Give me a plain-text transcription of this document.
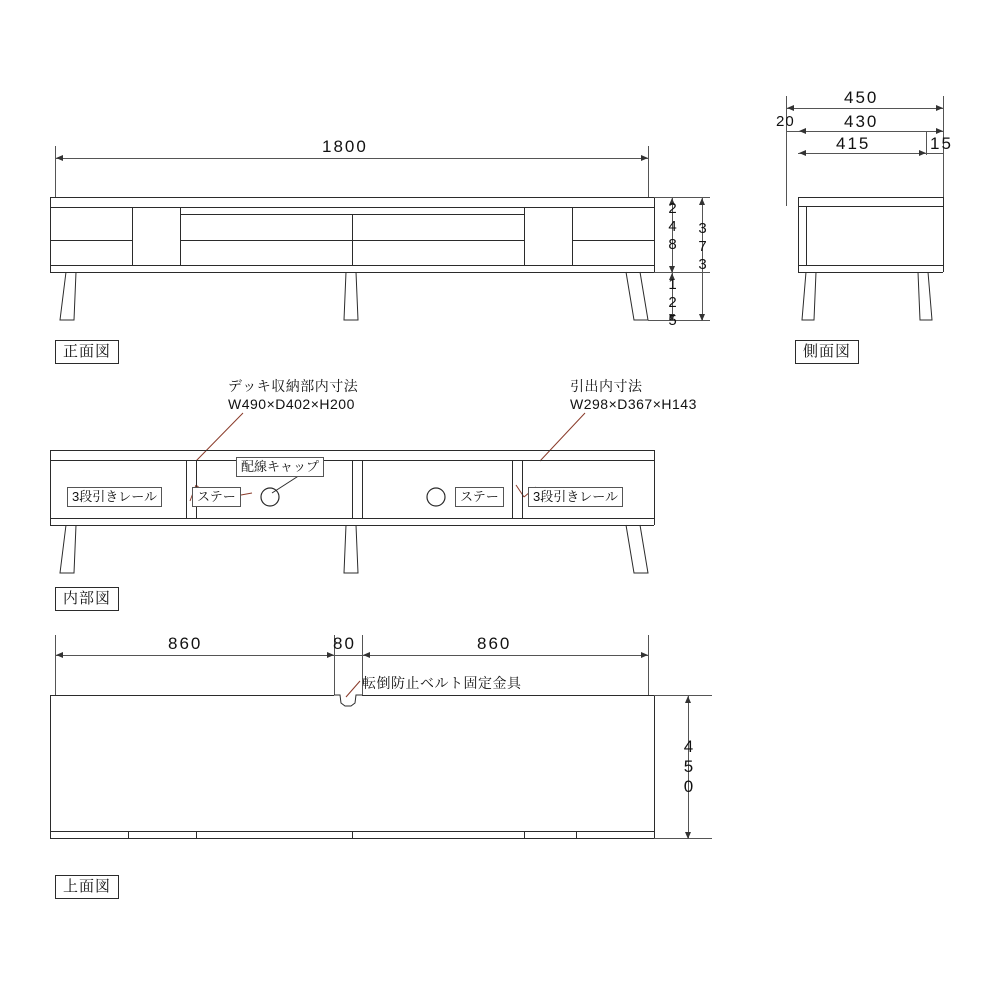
1800
248 373
125
正面図
450
430
20
415	15
側面図
デッキ収納部内寸法
W490×D402×H200
引出内寸法
W298×D367×H143
配線キャップ
3段引きレール	ステー	ステー	3段引きレール
内部図
860	80	860
転倒防止ベルト固定金具
450
上面図
